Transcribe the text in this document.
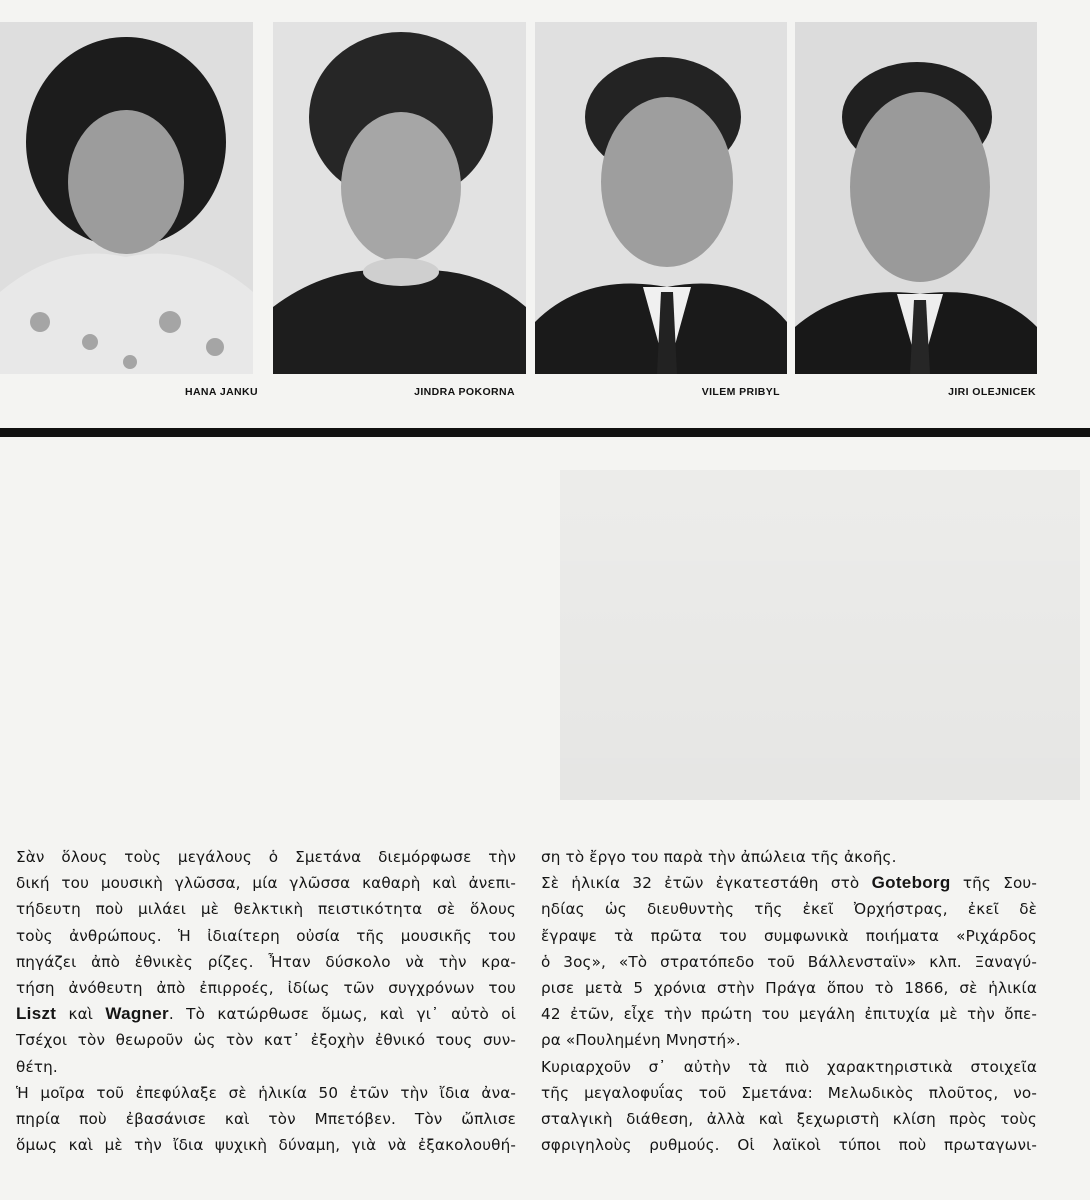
HANA JANKU	JINDRA POKORNA	VILEM PRIBYL	JIRI OLEJNICEK

Σὰν ὅλους τοὺς μεγάλους ὁ Σμετάνα διεμόρφωσε τὴν

δική του μουσικὴ γλῶσσα, μία γλῶσσα καθαρὴ καὶ ἀνεπι-

τήδευτη ποὺ μιλάει μὲ θελκτικὴ πειστικότητα σὲ ὅλους

τοὺς ἀνθρώπους. Ἡ ἰδιαίτερη οὐσία τῆς μουσικῆς του

πηγάζει ἀπὸ ἐθνικὲς ρίζες. Ἦταν δύσκολο νὰ τὴν κρα-

τήση ἀνόθευτη ἀπὸ ἐπιρροές, ἰδίως τῶν συγχρόνων του

Liszt καὶ Wagner. Τὸ κατώρθωσε ὅμως, καὶ γι᾿ αὐτὸ οἱ

Τσέχοι τὸν θεωροῦν ὡς τὸν κατ᾿ ἐξοχὴν ἐθνικό τους συν-

θέτη.

Ἡ μοῖρα τοῦ ἐπεφύλαξε σὲ ἡλικία 50 ἐτῶν τὴν ἴδια ἀνα-

πηρία ποὺ ἐβασάνισε καὶ τὸν Μπετόβεν. Τὸν ὤπλισε

ὅμως καὶ μὲ τὴν ἴδια ψυχικὴ δύναμη, γιὰ νὰ ἐξακολουθή-

ση τὸ ἔργο του παρὰ τὴν ἀπώλεια τῆς ἀκοῆς.

Σὲ ἡλικία 32 ἐτῶν ἐγκατεστάθη στὸ Goteborg τῆς Σου-

ηδίας ὡς διευθυντὴς τῆς ἐκεῖ Ὀρχήστρας, ἐκεῖ δὲ

ἔγραψε τὰ πρῶτα του συμφωνικὰ ποιήματα «Ριχάρδος

ὁ 3ος», «Τὸ στρατόπεδο τοῦ Βάλλενσταϊν» κλπ. Ξαναγύ-

ρισε μετὰ 5 χρόνια στὴν Πράγα ὅπου τὸ 1866, σὲ ἡλικία

42 ἐτῶν, εἶχε τὴν πρώτη του μεγάλη ἐπιτυχία μὲ τὴν ὄπε-

ρα «Πουλημένη Μνηστή».

Κυριαρχοῦν σ᾿ αὐτὴν τὰ πιὸ χαρακτηριστικὰ στοιχεῖα

τῆς μεγαλοφυΐας τοῦ Σμετάνα: Μελωδικὸς πλοῦτος, νο-

σταλγικὴ διάθεση, ἀλλὰ καὶ ξεχωριστὴ κλίση πρὸς τοὺς

σφριγηλοὺς ρυθμούς. Οἱ λαϊκοὶ τύποι ποὺ πρωταγωνι-
